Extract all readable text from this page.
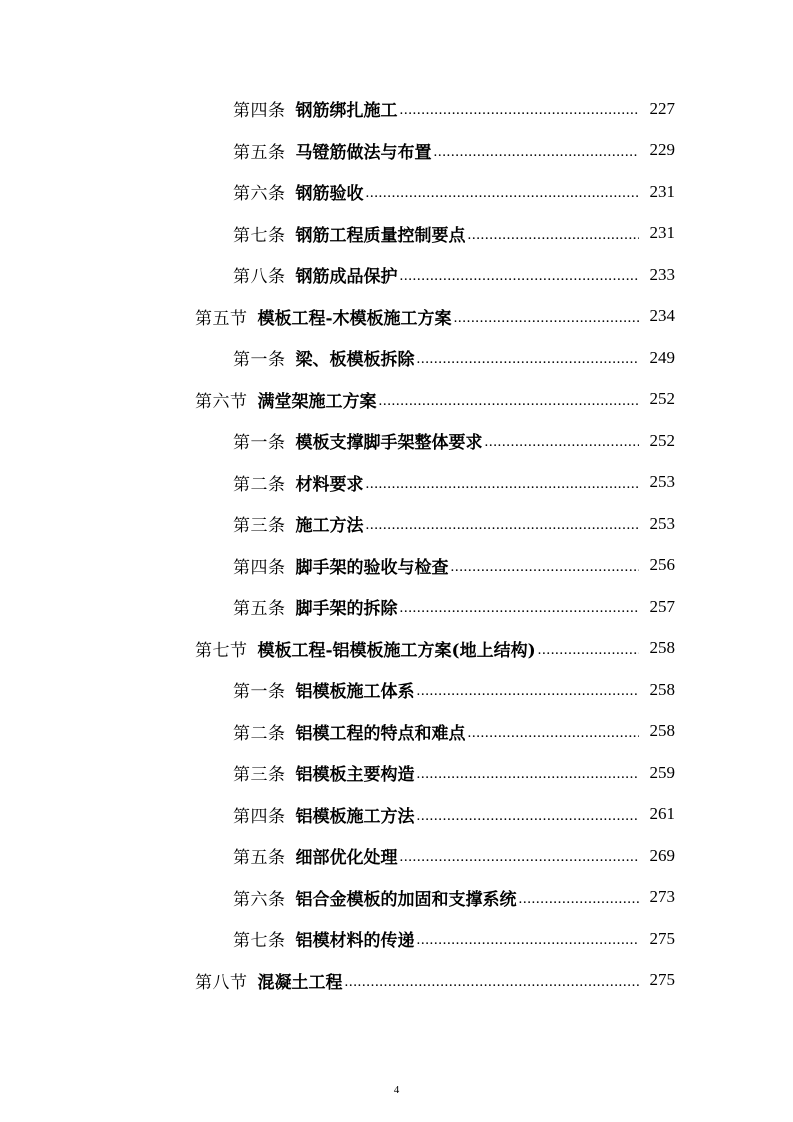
第四条 钢筋绑扎施工 .....	227
第五条 马镫筋做法与布置 .....	229
第六条 钢筋验收 .....	231
第七条 钢筋工程质量控制要点 .....	231
第八条 钢筋成品保护 .....	233
第五节 模板工程-木模板施工方案 .....	234
第一条 梁、板模板拆除 .....	249
第六节 满堂架施工方案 .....	252
第一条 模板支撑脚手架整体要求 .....	252
第二条 材料要求 .....	253
第三条 施工方法 .....	253
第四条 脚手架的验收与检查 .....	256
第五条 脚手架的拆除 .....	257
第七节 模板工程-铝模板施工方案(地上结构) .....	258
第一条 铝模板施工体系 .....	258
第二条 铝模工程的特点和难点 .....	258
第三条 铝模板主要构造 .....	259
第四条 铝模板施工方法 .....	261
第五条 细部优化处理 .....	269
第六条 铝合金模板的加固和支撑系统 .....	273
第七条 铝模材料的传递 .....	275
第八节 混凝土工程 .....	275
4
